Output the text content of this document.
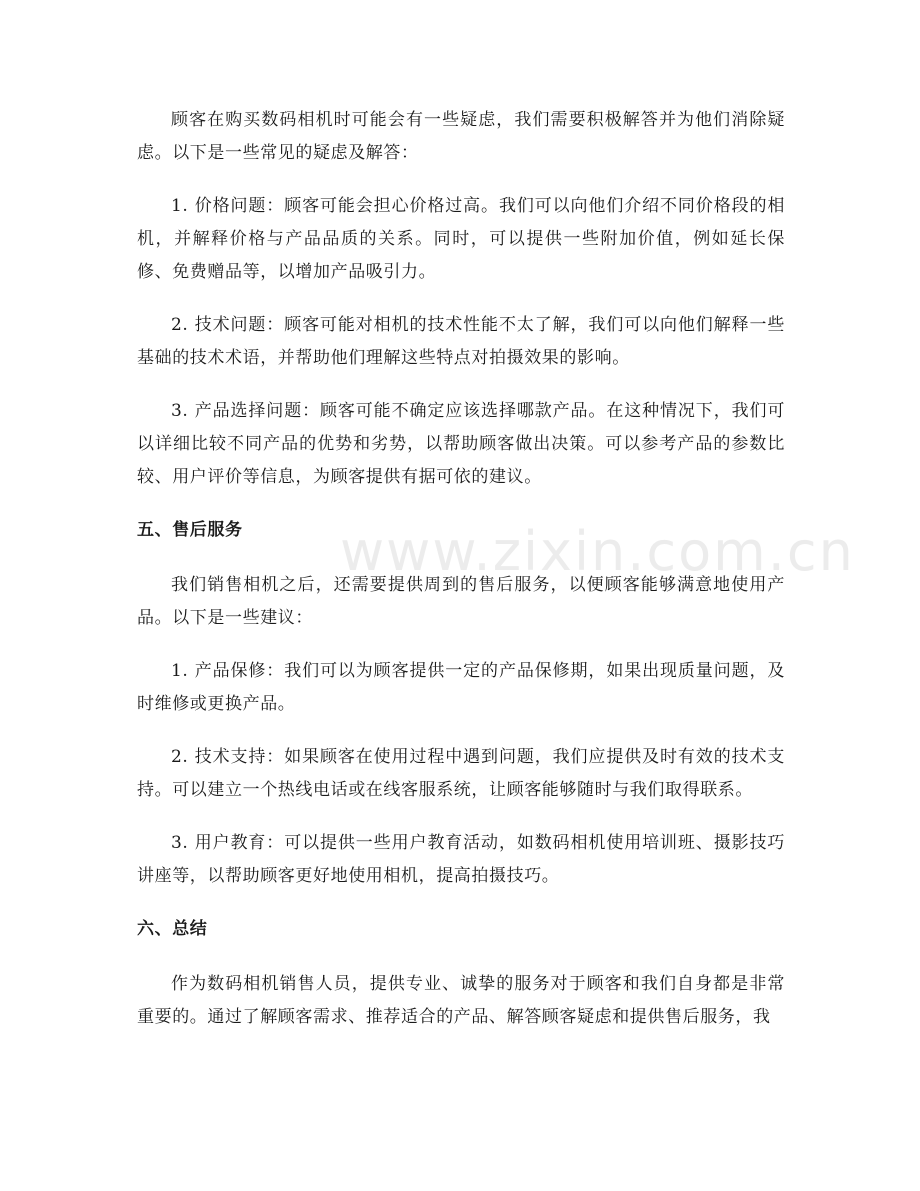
www.zixin.com.cn

顾客在购买数码相机时可能会有一些疑虑，我们需要积极解答并为他们消除疑虑。以下是一些常见的疑虑及解答：

1. 价格问题：顾客可能会担心价格过高。我们可以向他们介绍不同价格段的相机，并解释价格与产品品质的关系。同时，可以提供一些附加价值，例如延长保修、免费赠品等，以增加产品吸引力。

2. 技术问题：顾客可能对相机的技术性能不太了解，我们可以向他们解释一些基础的技术术语，并帮助他们理解这些特点对拍摄效果的影响。

3. 产品选择问题：顾客可能不确定应该选择哪款产品。在这种情况下，我们可以详细比较不同产品的优势和劣势，以帮助顾客做出决策。可以参考产品的参数比较、用户评价等信息，为顾客提供有据可依的建议。

五、售后服务

我们销售相机之后，还需要提供周到的售后服务，以便顾客能够满意地使用产品。以下是一些建议：

1. 产品保修：我们可以为顾客提供一定的产品保修期，如果出现质量问题，及时维修或更换产品。

2. 技术支持：如果顾客在使用过程中遇到问题，我们应提供及时有效的技术支持。可以建立一个热线电话或在线客服系统，让顾客能够随时与我们取得联系。

3. 用户教育：可以提供一些用户教育活动，如数码相机使用培训班、摄影技巧讲座等，以帮助顾客更好地使用相机，提高拍摄技巧。

六、总结

作为数码相机销售人员，提供专业、诚挚的服务对于顾客和我们自身都是非常重要的。通过了解顾客需求、推荐适合的产品、解答顾客疑虑和提供售后服务，我
